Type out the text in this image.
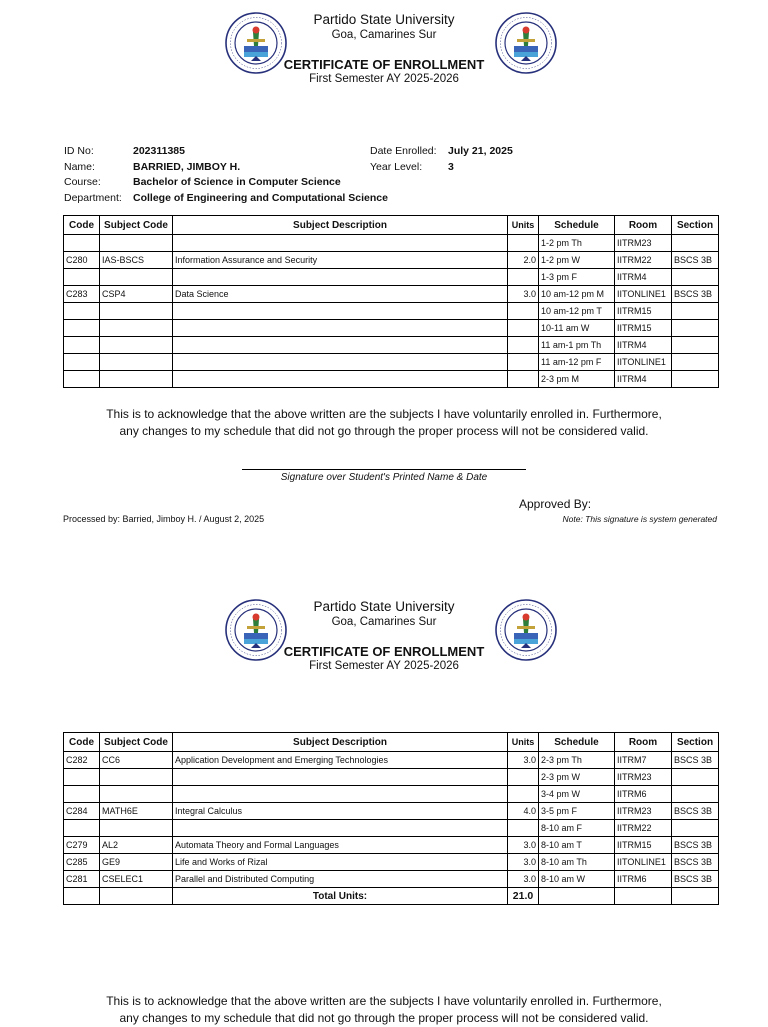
Partido State University
Goa, Camarines Sur
CERTIFICATE OF ENROLLMENT
First Semester AY 2025-2026
ID No:	202311385
Name:	BARRIED, JIMBOY H.
Course:	Bachelor of Science in Computer Science
Department: College of Engineering and Computational Science
Date Enrolled: July 21, 2025
Year Level: 3
Code	Subject Code	Subject Description	Units	Schedule	Room	Section
				1-2 pm Th	IITRM23	
C280	IAS-BSCS	Information Assurance and Security	2.0	1-2 pm W	IITRM22	BSCS 3B
				1-3 pm F	IITRM4	
C283	CSP4	Data Science	3.0	10 am-12 pm M	IITONLINE1	BSCS 3B
				10 am-12 pm T	IITRM15	
				10-11 am W	IITRM15	
				11 am-1 pm Th	IITRM4	
				11 am-12 pm F	IITONLINE1	
				2-3 pm M	IITRM4	
This is to acknowledge that the above written are the subjects I have voluntarily enrolled in. Furthermore,
any changes to my schedule that did not go through the proper process will not be considered valid.
Signature over Student's Printed Name & Date
Approved By:
Processed by: Barried, Jimboy H. / August 2, 2025	Note: This signature is system generated
Partido State University
Goa, Camarines Sur
CERTIFICATE OF ENROLLMENT
First Semester AY 2025-2026
Code	Subject Code	Subject Description	Units	Schedule	Room	Section
C282	CC6	Application Development and Emerging Technologies	3.0	2-3 pm Th	IITRM7	BSCS 3B
				2-3 pm W	IITRM23	
				3-4 pm W	IITRM6	
C284	MATH6E	Integral Calculus	4.0	3-5 pm F	IITRM23	BSCS 3B
				8-10 am F	IITRM22	
C279	AL2	Automata Theory and Formal Languages	3.0	8-10 am T	IITRM15	BSCS 3B
C285	GE9	Life and Works of Rizal	3.0	8-10 am Th	IITONLINE1	BSCS 3B
C281	CSELEC1	Parallel and Distributed Computing	3.0	8-10 am W	IITRM6	BSCS 3B
		Total Units:	21.0			
This is to acknowledge that the above written are the subjects I have voluntarily enrolled in. Furthermore,
any changes to my schedule that did not go through the proper process will not be considered valid.
